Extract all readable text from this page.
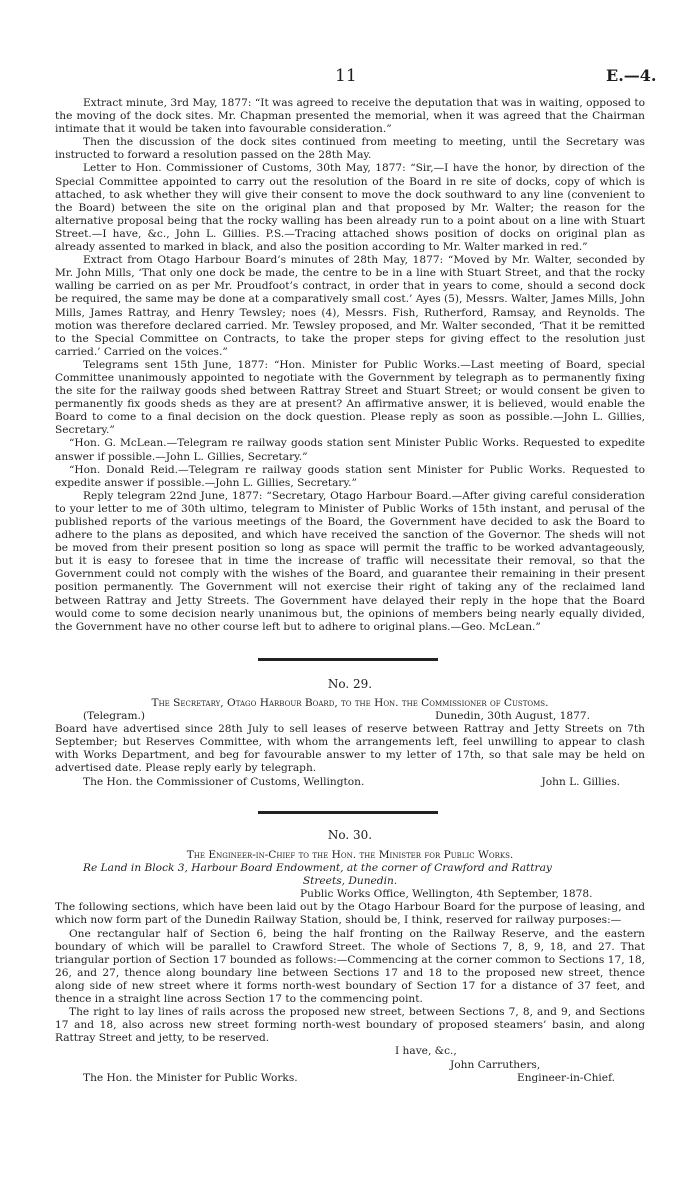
11	E.—4.

Extract minute, 3rd May, 1877: “It was agreed to receive the deputation that was in waiting, opposed to the moving of the dock sites. Mr. Chapman presented the memorial, when it was agreed that the Chairman intimate that it would be taken into favourable consideration.”

Then the discussion of the dock sites continued from meeting to meeting, until the Secretary was instructed to forward a resolution passed on the 28th May.

Letter to Hon. Commissioner of Customs, 30th May, 1877: “Sir,—I have the honor, by direction of the Special Committee appointed to carry out the resolution of the Board in re site of docks, copy of which is attached, to ask whether they will give their consent to move the dock southward to any line (convenient to the Board) between the site on the original plan and that proposed by Mr. Walter; the reason for the alternative proposal being that the rocky walling has been already run to a point about on a line with Stuart Street.—I have, &c., John L. Gillies. P.S.—Tracing attached shows position of docks on original plan as already assented to marked in black, and also the position according to Mr. Walter marked in red.”

Extract from Otago Harbour Board’s minutes of 28th May, 1877: “Moved by Mr. Walter, seconded by Mr. John Mills, ‘That only one dock be made, the centre to be in a line with Stuart Street, and that the rocky walling be carried on as per Mr. Proudfoot’s contract, in order that in years to come, should a second dock be required, the same may be done at a comparatively small cost.’ Ayes (5), Messrs. Walter, James Mills, John Mills, James Rattray, and Henry Tewsley; noes (4), Messrs. Fish, Rutherford, Ramsay, and Reynolds. The motion was therefore declared carried. Mr. Tewsley proposed, and Mr. Walter seconded, ‘That it be remitted to the Special Committee on Contracts, to take the proper steps for giving effect to the resolution just carried.’ Carried on the voices.”

Telegrams sent 15th June, 1877: “Hon. Minister for Public Works.—Last meeting of Board, special Committee unanimously appointed to negotiate with the Government by telegraph as to permanently fixing the site for the railway goods shed between Rattray Street and Stuart Street; or would consent be given to permanently fix goods sheds as they are at present? An affirmative answer, it is believed, would enable the Board to come to a final decision on the dock question. Please reply as soon as possible.—John L. Gillies, Secretary.”

“Hon. G. McLean.—Telegram re railway goods station sent Minister Public Works. Requested to expedite answer if possible.—John L. Gillies, Secretary.”

“Hon. Donald Reid.—Telegram re railway goods station sent Minister for Public Works. Requested to expedite answer if possible.—John L. Gillies, Secretary.”

Reply telegram 22nd June, 1877: “Secretary, Otago Harbour Board.—After giving careful consideration to your letter to me of 30th ultimo, telegram to Minister of Public Works of 15th instant, and perusal of the published reports of the various meetings of the Board, the Government have decided to ask the Board to adhere to the plans as deposited, and which have received the sanction of the Governor. The sheds will not be moved from their present position so long as space will permit the traffic to be worked advantageously, but it is easy to foresee that in time the increase of traffic will necessitate their removal, so that the Government could not comply with the wishes of the Board, and guarantee their remaining in their present position permanently. The Government will not exercise their right of taking any of the reclaimed land between Rattray and Jetty Streets. The Government have delayed their reply in the hope that the Board would come to some decision nearly unanimous but, the opinions of members being nearly equally divided, the Government have no other course left but to adhere to original plans.—Geo. McLean.”

No. 29.

The Secretary, Otago Harbour Board, to the Hon. the Commissioner of Customs.

(Telegram.)	Dunedin, 30th August, 1877.

Board have advertised since 28th July to sell leases of reserve between Rattray and Jetty Streets on 7th September; but Reserves Committee, with whom the arrangements left, feel unwilling to appear to clash with Works Department, and beg for favourable answer to my letter of 17th, so that sale may be held on advertised date. Please reply early by telegraph.

The Hon. the Commissioner of Customs, Wellington.	John L. Gillies.
No. 30.

The Engineer-in-Chief to the Hon. the Minister for Public Works.

Re Land in Block 3, Harbour Board Endowment, at the corner of Crawford and Rattray

Streets, Dunedin.

Public Works Office, Wellington, 4th September, 1878.

The following sections, which have been laid out by the Otago Harbour Board for the purpose of leasing, and which now form part of the Dunedin Railway Station, should be, I think, reserved for railway purposes:—

One rectangular half of Section 6, being the half fronting on the Railway Reserve, and the eastern boundary of which will be parallel to Crawford Street. The whole of Sections 7, 8, 9, 18, and 27. That triangular portion of Section 17 bounded as follows:—Commencing at the corner common to Sections 17, 18, 26, and 27, thence along boundary line between Sections 17 and 18 to the proposed new street, thence along side of new street where it forms north-west boundary of Section 17 for a distance of 37 feet, and thence in a straight line across Section 17 to the commencing point.

The right to lay lines of rails across the proposed new street, between Sections 7, 8, and 9, and Sections 17 and 18, also across new street forming north-west boundary of proposed steamers’ basin, and along Rattray Street and jetty, to be reserved.

I have, &c.,

John Carruthers,

The Hon. the Minister for Public Works.	Engineer-in-Chief.
